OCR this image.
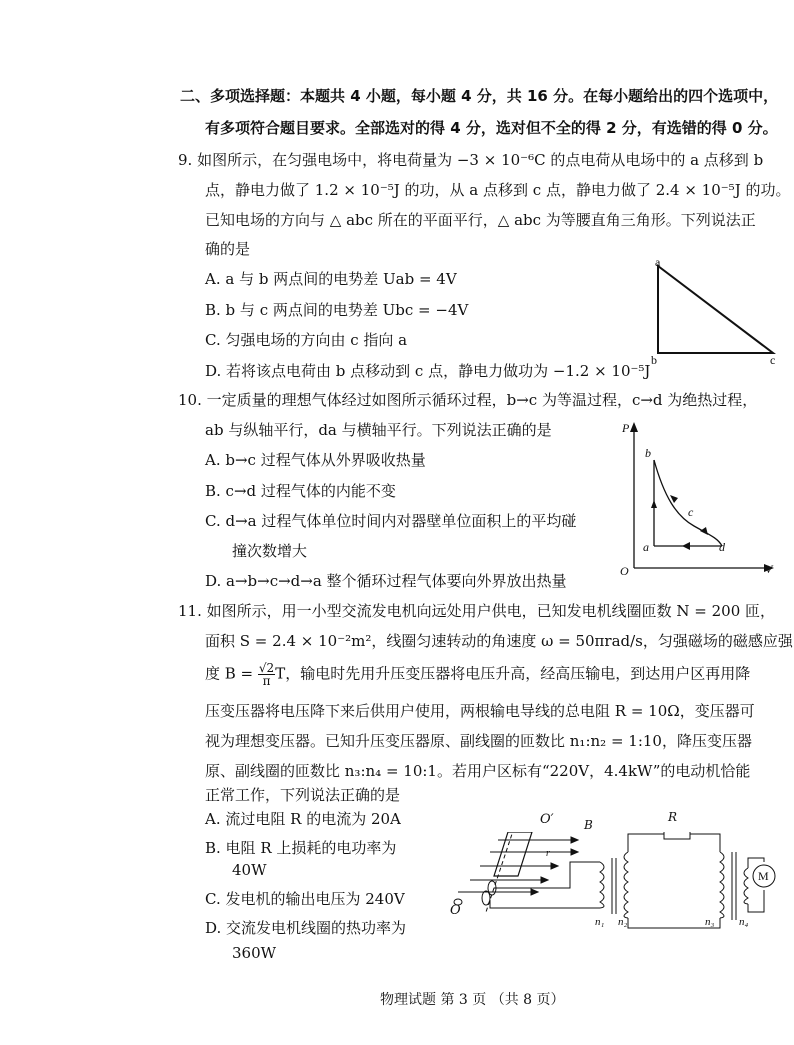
二、多项选择题：本题共 4 小题，每小题 4 分，共 16 分。在每小题给出的四个选项中，
有多项符合题目要求。全部选对的得 4 分，选对但不全的得 2 分，有选错的得 0 分。
9. 如图所示，在匀强电场中，将电荷量为 −3 × 10⁻⁶C 的点电荷从电场中的 a 点移到 b
点，静电力做了 1.2 × 10⁻⁵J 的功，从 a 点移到 c 点，静电力做了 2.4 × 10⁻⁵J 的功。
已知电场的方向与 △ abc 所在的平面平行，△ abc 为等腰直角三角形。下列说法正
确的是
A. a 与 b 两点间的电势差 Uab = 4V
B. b 与 c 两点间的电势差 Ubc = −4V
C. 匀强电场的方向由 c 指向 a
D. 若将该点电荷由 b 点移动到 c 点，静电力做功为 −1.2 × 10⁻⁵J
a
b	c
10. 一定质量的理想气体经过如图所示循环过程，b→c 为等温过程，c→d 为绝热过程，
ab 与纵轴平行，da 与横轴平行。下列说法正确的是
A. b→c 过程气体从外界吸收热量
B. c→d 过程气体的内能不变
C. d→a 过程气体单位时间内对器壁单位面积上的平均碰
撞次数增大
D. a→b→c→d→a 整个循环过程气体要向外界放出热量
P
V
O
a
b
c
d
11. 如图所示，用一小型交流发电机向远处用户供电，已知发电机线圈匝数 N = 200 匝，
面积 S = 2.4 × 10⁻²m²，线圈匀速转动的角速度 ω = 50πrad/s，匀强磁场的磁感应强
度 $B = \frac{√2}{\pi}$ T，输电时先用升压变压器将电压升高，经高压输电，到达用户区再用降
压变压器将电压降下来后供用户使用，两根输电导线的总电阻 R = 10Ω，变压器可
视为理想变压器。已知升压变压器原、副线圈的匝数比 n₁:n₂ = 1:10，降压变压器
原、副线圈的匝数比 n₃:n₄ = 10:1。若用户区标有“220V，4.4kW”的电动机恰能
正常工作，下列说法正确的是
A. 流过电阻 R 的电流为 20A
B. 电阻 R 上损耗的电功率为
40W
C. 发电机的输出电压为 240V
D. 交流发电机线圈的热功率为
360W
r
n₁ n₂	n₃ n₄
M
O′	B
R
O
物理试题 第 3 页 （共 8 页）
